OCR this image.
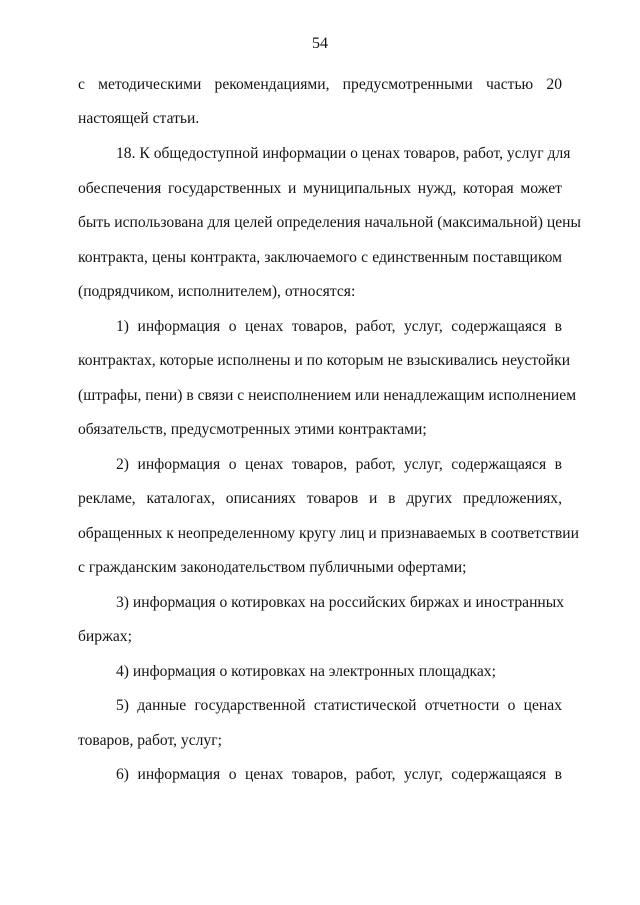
54
с методическими рекомендациями, предусмотренными частью 20
настоящей статьи.
18. К общедоступной информации о ценах товаров, работ, услуг для
обеспечения государственных и муниципальных нужд, которая может
быть использована для целей определения начальной (максимальной) цены
контракта, цены контракта, заключаемого с единственным поставщиком
(подрядчиком, исполнителем), относятся:
1) информация о ценах товаров, работ, услуг, содержащаяся в
контрактах, которые исполнены и по которым не взыскивались неустойки
(штрафы, пени) в связи с неисполнением или ненадлежащим исполнением
обязательств, предусмотренных этими контрактами;
2) информация о ценах товаров, работ, услуг, содержащаяся в
рекламе, каталогах, описаниях товаров и в других предложениях,
обращенных к неопределенному кругу лиц и признаваемых в соответствии
с гражданским законодательством публичными офертами;
3) информация о котировках на российских биржах и иностранных
биржах;
4) информация о котировках на электронных площадках;
5) данные государственной статистической отчетности о ценах
товаров, работ, услуг;
6) информация о ценах товаров, работ, услуг, содержащаяся в
